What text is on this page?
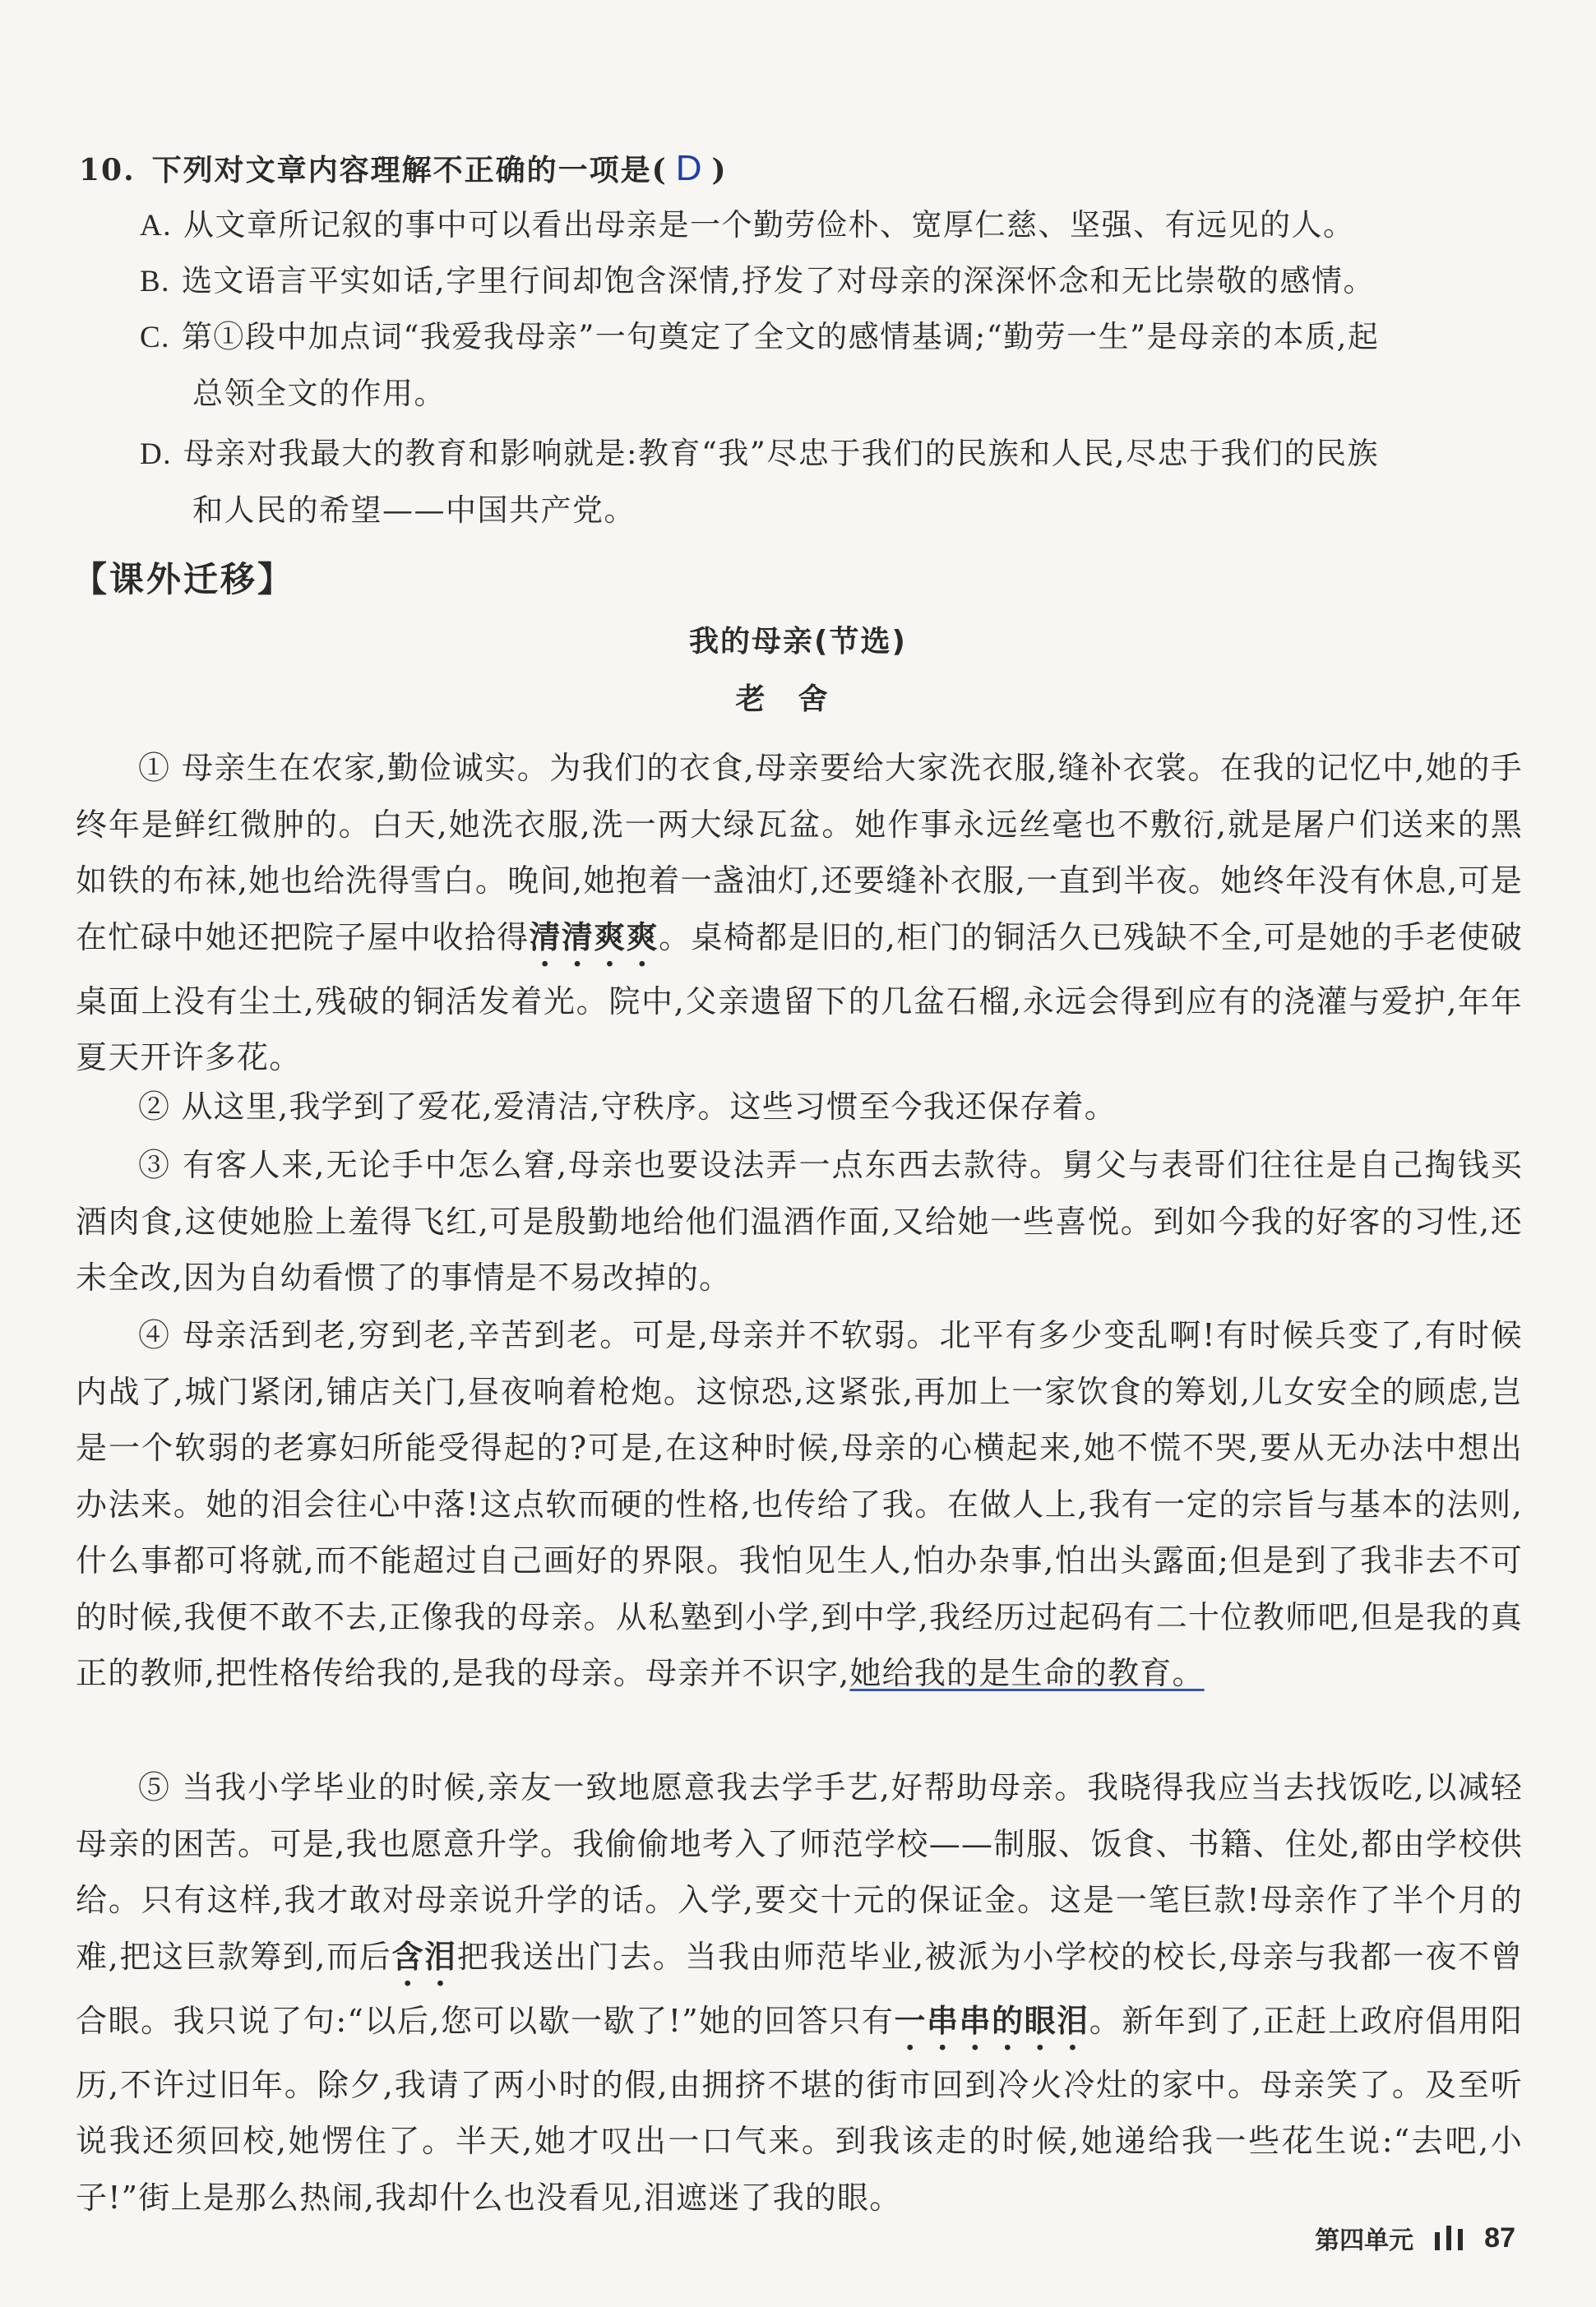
10. 下列对文章内容理解不正确的一项是( D )
A. 从文章所记叙的事中可以看出母亲是一个勤劳俭朴、宽厚仁慈、坚强、有远见的人。
B. 选文语言平实如话,字里行间却饱含深情,抒发了对母亲的深深怀念和无比崇敬的感情。
C. 第①段中加点词“我爱我母亲”一句奠定了全文的感情基调;“勤劳一生”是母亲的本质,起
总领全文的作用。
D. 母亲对我最大的教育和影响就是:教育“我”尽忠于我们的民族和人民,尽忠于我们的民族
和人民的希望——中国共产党。
【课外迁移】
我的母亲(节选)
老舍
① 母亲生在农家,勤俭诚实。为我们的衣食,母亲要给大家洗衣服,缝补衣裳。在我的记忆中,她的手终年是鲜红微肿的。白天,她洗衣服,洗一两大绿瓦盆。她作事永远丝毫也不敷衍,就是屠户们送来的黑如铁的布袜,她也给洗得雪白。晚间,她抱着一盏油灯,还要缝补衣服,一直到半夜。她终年没有休息,可是在忙碌中她还把院子屋中收拾得清清爽爽。桌椅都是旧的,柜门的铜活久已残缺不全,可是她的手老使破桌面上没有尘土,残破的铜活发着光。院中,父亲遗留下的几盆石榴,永远会得到应有的浇灌与爱护,年年夏天开许多花。
② 从这里,我学到了爱花,爱清洁,守秩序。这些习惯至今我还保存着。
③ 有客人来,无论手中怎么窘,母亲也要设法弄一点东西去款待。舅父与表哥们往往是自己掏钱买酒肉食,这使她脸上羞得飞红,可是殷勤地给他们温酒作面,又给她一些喜悦。到如今我的好客的习性,还未全改,因为自幼看惯了的事情是不易改掉的。
④ 母亲活到老,穷到老,辛苦到老。可是,母亲并不软弱。北平有多少变乱啊!有时候兵变了,有时候内战了,城门紧闭,铺店关门,昼夜响着枪炮。这惊恐,这紧张,再加上一家饮食的筹划,儿女安全的顾虑,岂是一个软弱的老寡妇所能受得起的?可是,在这种时候,母亲的心横起来,她不慌不哭,要从无办法中想出办法来。她的泪会往心中落!这点软而硬的性格,也传给了我。在做人上,我有一定的宗旨与基本的法则,什么事都可将就,而不能超过自己画好的界限。我怕见生人,怕办杂事,怕出头露面;但是到了我非去不可的时候,我便不敢不去,正像我的母亲。从私塾到小学,到中学,我经历过起码有二十位教师吧,但是我的真正的教师,把性格传给我的,是我的母亲。母亲并不识字,她给我的是生命的教育。
⑤ 当我小学毕业的时候,亲友一致地愿意我去学手艺,好帮助母亲。我晓得我应当去找饭吃,以减轻母亲的困苦。可是,我也愿意升学。我偷偷地考入了师范学校——制服、饭食、书籍、住处,都由学校供给。只有这样,我才敢对母亲说升学的话。入学,要交十元的保证金。这是一笔巨款!母亲作了半个月的难,把这巨款筹到,而后含泪把我送出门去。当我由师范毕业,被派为小学校的校长,母亲与我都一夜不曾合眼。我只说了句:“以后,您可以歇一歇了!”她的回答只有一串串的眼泪。新年到了,正赶上政府倡用阳历,不许过旧年。除夕,我请了两小时的假,由拥挤不堪的街市回到冷火冷灶的家中。母亲笑了。及至听说我还须回校,她愣住了。半天,她才叹出一口气来。到我该走的时候,她递给我一些花生说:“去吧,小子!”街上是那么热闹,我却什么也没看见,泪遮迷了我的眼。
第四单元	87
